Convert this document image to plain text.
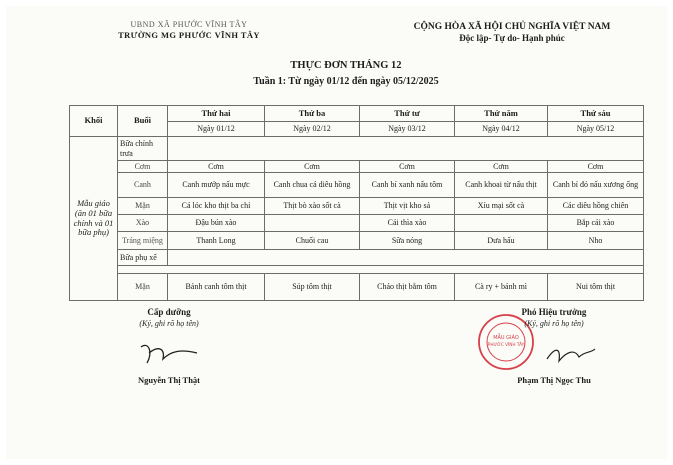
UBND XÃ PHƯỚC VĨNH TÂY
TRƯỜNG MG PHƯỚC VĨNH TÂY
CỘNG HÒA XÃ HỘI CHỦ NGHĨA VIỆT NAM
Độc lập- Tự do- Hạnh phúc
THỰC ĐƠN THÁNG 12
Tuần 1: Từ ngày 01/12 đến ngày 05/12/2025
Khối	Buổi	Thứ hai	Thứ ba	Thứ tư	Thứ năm	Thứ sáu
		Ngày 01/12	Ngày 02/12	Ngày 03/12	Ngày 04/12	Ngày 05/12
Mẫu giáo (ăn 01 bữa chính và 01 bữa phụ)	Bữa chính trưa					
	Cơm	Cơm	Cơm	Cơm	Cơm	Cơm
	Canh	Canh mướp nấu mực	Canh chua cá diêu hồng	Canh bí xanh nấu tôm	Canh khoai từ nấu thịt	Canh bí đỏ nấu xương ống
	Mặn	Cá lóc kho thịt ba chỉ	Thịt bò xào sốt cà	Thịt vịt kho sả	Xíu mại sốt cà	Các diêu hồng chiên
	Xào	Đậu bún xào		Cải thìa xào		Bắp cải xào
	Tráng miệng	Thanh Long	Chuối cau	Sữa nóng	Dưa hấu	Nho
	Bữa phụ xế					

	Mặn	Bánh canh tôm thịt	Súp tôm thịt	Cháo thịt bằm tôm	Cà ry + bánh mì	Nui tôm thịt
Cấp dưỡng
(Ký, ghi rõ họ tên)
Nguyễn Thị Thật
MẪU GIÁO
PHƯỚC VĨNH TÂY
Phó Hiệu trưởng
(Ký, ghi rõ họ tên)
Phạm Thị Ngọc Thu
